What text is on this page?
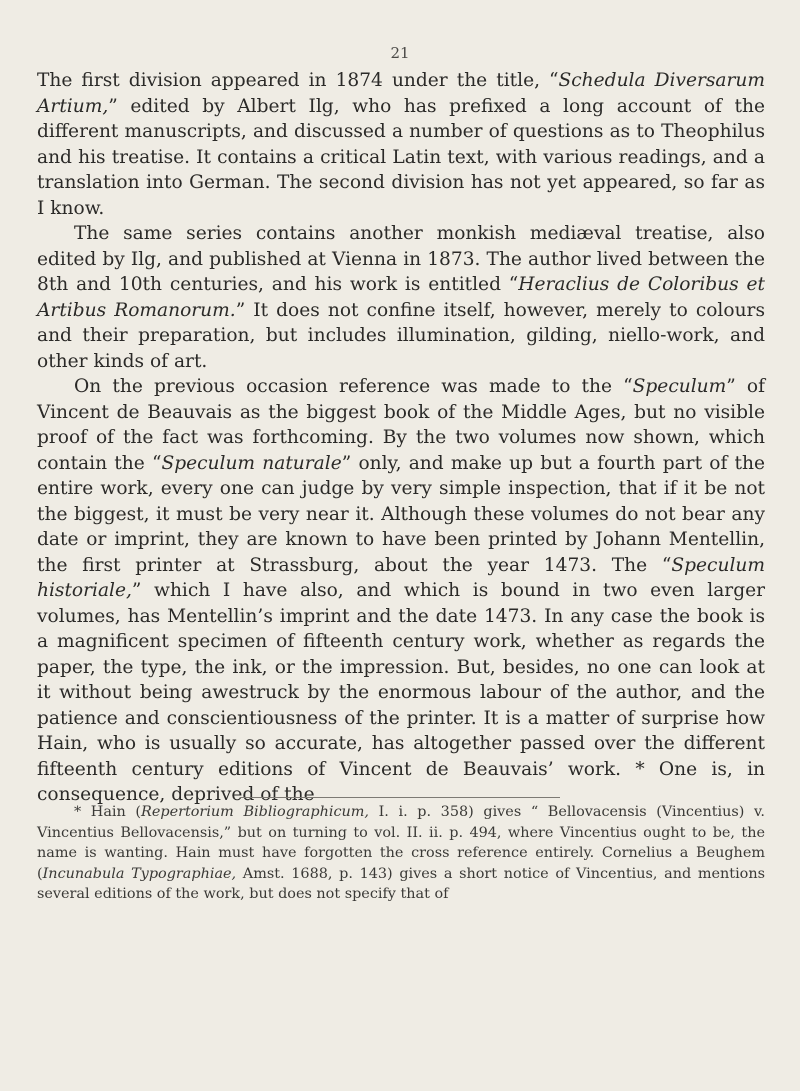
21

The first division appeared in 1874 under the title, “Schedula Diversarum Artium,” edited by Albert Ilg, who has prefixed a long account of the different manuscripts, and discussed a number of questions as to Theophilus and his treatise. It contains a critical Latin text, with various readings, and a translation into German. The second division has not yet appeared, so far as I know.

The same series contains another monkish mediæval treatise, also edited by Ilg, and published at Vienna in 1873. The author lived between the 8th and 10th centuries, and his work is entitled “Heraclius de Coloribus et Artibus Romanorum.” It does not confine itself, however, merely to colours and their preparation, but includes illumination, gilding, niello-work, and other kinds of art.

On the previous occasion reference was made to the “Speculum” of Vincent de Beauvais as the biggest book of the Middle Ages, but no visible proof of the fact was forthcoming. By the two volumes now shown, which contain the “Speculum naturale” only, and make up but a fourth part of the entire work, every one can judge by very simple inspection, that if it be not the biggest, it must be very near it. Although these volumes do not bear any date or imprint, they are known to have been printed by Johann Mentellin, the first printer at Strassburg, about the year 1473. The “Speculum historiale,” which I have also, and which is bound in two even larger volumes, has Mentellin’s imprint and the date 1473. In any case the book is a magnificent specimen of fifteenth century work, whether as regards the paper, the type, the ink, or the impression. But, besides, no one can look at it without being awestruck by the enormous labour of the author, and the patience and conscientiousness of the printer. It is a matter of surprise how Hain, who is usually so accurate, has altogether passed over the different fifteenth century editions of Vincent de Beauvais’ work. * One is, in consequence, deprived of the

* Hain (Repertorium Bibliographicum, I. i. p. 358) gives “ Bellovacensis (Vincentius) v. Vincentius Bellovacensis,” but on turning to vol. II. ii. p. 494, where Vincentius ought to be, the name is wanting. Hain must have forgotten the cross reference entirely. Cornelius a Beughem (Incunabula Typographiae, Amst. 1688, p. 143) gives a short notice of Vincentius, and mentions several editions of the work, but does not specify that of
